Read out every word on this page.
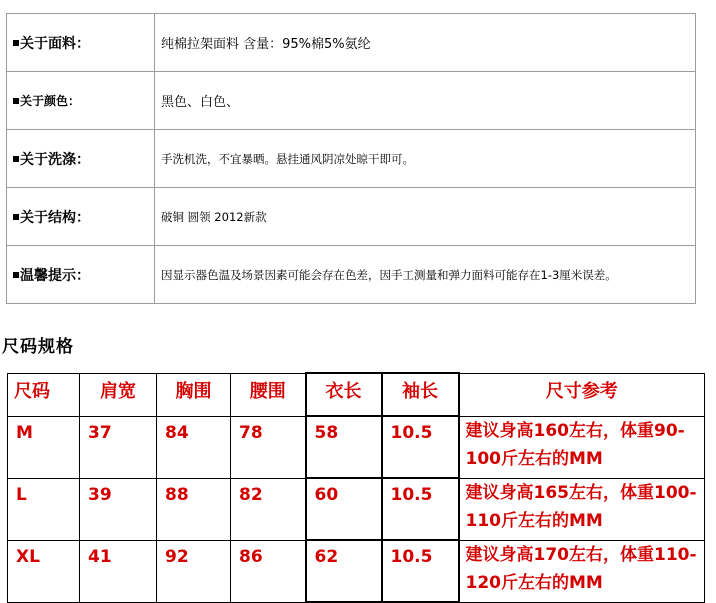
关于面料：	纯棉拉架面料 含量：95%棉5%氨纶
关于颜色：	黑色、白色、
关于洗涤：	手洗机洗，不宜暴晒。悬挂通风阴凉处晾干即可。
关于结构：	破铜 圆领 2012新款
温馨提示：	因显示器色温及场景因素可能会存在色差，因手工测量和弹力面料可能存在1-3厘米误差。
尺码规格
尺码	肩宽	胸围	腰围	衣长	袖长	尺寸参考
M	37	84	78	58	10.5	建议身高160左右，体重90-100斤左右的MM
L	39	88	82	60	10.5	建议身高165左右，体重100-110斤左右的MM
XL	41	92	86	62	10.5	建议身高170左右，体重110-120斤左右的MM
